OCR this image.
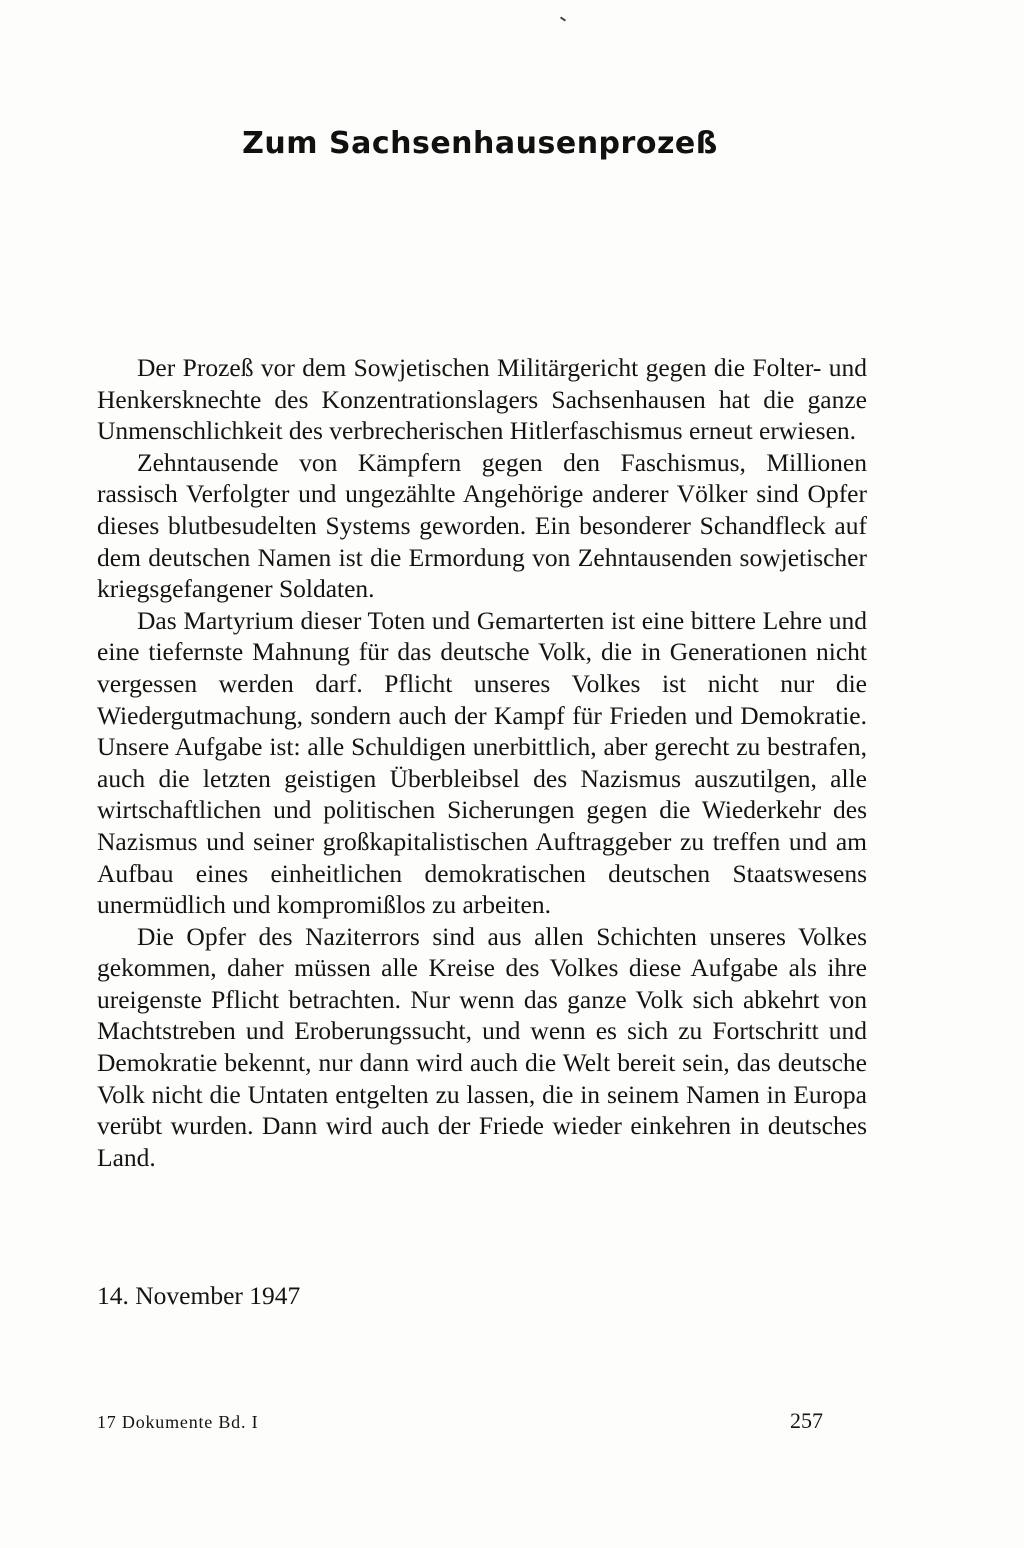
Zum Sachsenhausenprozeß

Der Prozeß vor dem Sowjetischen Militärgericht gegen die Folter- und Henkersknechte des Konzentrationslagers Sachsenhausen hat die ganze Unmenschlichkeit des verbrecherischen Hitlerfaschismus erneut erwiesen.

Zehntausende von Kämpfern gegen den Faschismus, Millionen rassisch Verfolgter und ungezählte Angehörige anderer Völker sind Opfer dieses blutbesudelten Systems geworden. Ein besonderer Schandfleck auf dem deutschen Namen ist die Ermordung von Zehntausenden sowjetischer kriegsgefangener Soldaten.

Das Martyrium dieser Toten und Gemarterten ist eine bittere Lehre und eine tiefernste Mahnung für das deutsche Volk, die in Generationen nicht vergessen werden darf. Pflicht unseres Volkes ist nicht nur die Wiedergutmachung, sondern auch der Kampf für Frieden und Demokratie. Unsere Aufgabe ist: alle Schuldigen unerbittlich, aber gerecht zu bestrafen, auch die letzten geistigen Überbleibsel des Nazismus auszutilgen, alle wirtschaftlichen und politischen Sicherungen gegen die Wiederkehr des Nazismus und seiner großkapitalistischen Auftraggeber zu treffen und am Aufbau eines einheitlichen demokratischen deutschen Staatswesens unermüdlich und kompromißlos zu arbeiten.

Die Opfer des Naziterrors sind aus allen Schichten unseres Volkes gekommen, daher müssen alle Kreise des Volkes diese Aufgabe als ihre ureigenste Pflicht betrachten. Nur wenn das ganze Volk sich abkehrt von Machtstreben und Eroberungssucht, und wenn es sich zu Fortschritt und Demokratie bekennt, nur dann wird auch die Welt bereit sein, das deutsche Volk nicht die Untaten entgelten zu lassen, die in seinem Namen in Europa verübt wurden. Dann wird auch der Friede wieder einkehren in deutsches Land.

14. November 1947

17 Dokumente Bd. I	257
